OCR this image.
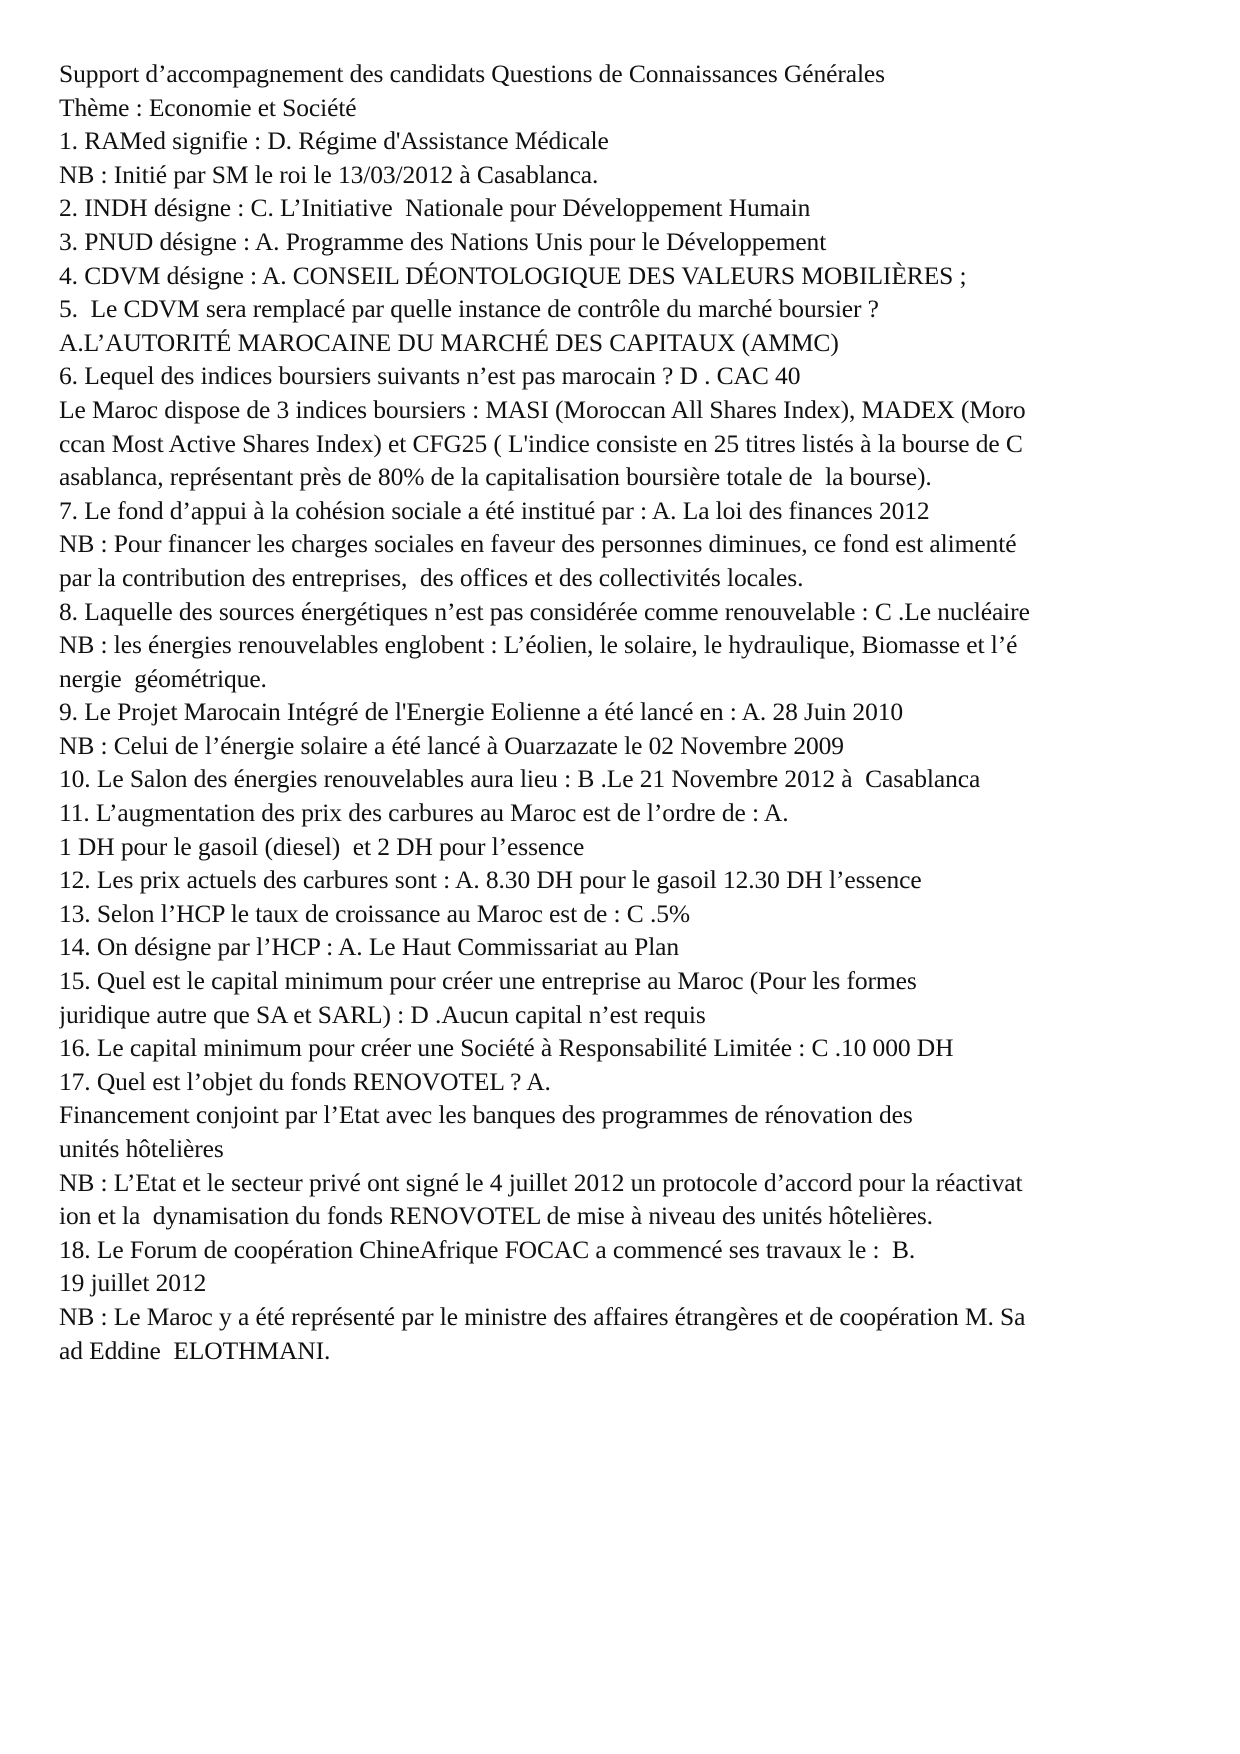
Support d’accompagnement des candidats Questions de Connaissances Générales
Thème : Economie et Société
1. RAMed signifie : D. Régime d'Assistance Médicale
NB : Initié par SM le roi le 13/03/2012 à Casablanca.
2. INDH désigne : C. L’Initiative  Nationale pour Développement Humain
3. PNUD désigne : A. Programme des Nations Unis pour le Développement
4. CDVM désigne : A. CONSEIL DÉONTOLOGIQUE DES VALEURS MOBILIÈRES ;
5.  Le CDVM sera remplacé par quelle instance de contrôle du marché boursier ?
A.L’AUTORITÉ MAROCAINE DU MARCHÉ DES CAPITAUX (AMMC)
6. Lequel des indices boursiers suivants n’est pas marocain ? D . CAC 40
Le Maroc dispose de 3 indices boursiers : MASI (Moroccan All Shares Index), MADEX (Moro
ccan Most Active Shares Index) et CFG25 ( L'indice consiste en 25 titres listés à la bourse de C
asablanca, représentant près de 80% de la capitalisation boursière totale de  la bourse).
7. Le fond d’appui à la cohésion sociale a été institué par : A. La loi des finances 2012
NB : Pour financer les charges sociales en faveur des personnes diminues, ce fond est alimenté
par la contribution des entreprises,  des offices et des collectivités locales.
8. Laquelle des sources énergétiques n’est pas considérée comme renouvelable : C .Le nucléaire
NB : les énergies renouvelables englobent : L’éolien, le solaire, le hydraulique, Biomasse et l’é
nergie  géométrique.
9. Le Projet Marocain Intégré de l'Energie Eolienne a été lancé en : A. 28 Juin 2010
NB : Celui de l’énergie solaire a été lancé à Ouarzazate le 02 Novembre 2009
10. Le Salon des énergies renouvelables aura lieu : B .Le 21 Novembre 2012 à  Casablanca
11. L’augmentation des prix des carbures au Maroc est de l’ordre de : A.
1 DH pour le gasoil (diesel)  et 2 DH pour l’essence
12. Les prix actuels des carbures sont : A. 8.30 DH pour le gasoil 12.30 DH l’essence
13. Selon l’HCP le taux de croissance au Maroc est de : C .5%
14. On désigne par l’HCP : A. Le Haut Commissariat au Plan
15. Quel est le capital minimum pour créer une entreprise au Maroc (Pour les formes
juridique autre que SA et SARL) : D .Aucun capital n’est requis
16. Le capital minimum pour créer une Société à Responsabilité Limitée : C .10 000 DH
17. Quel est l’objet du fonds RENOVOTEL ? A.
Financement conjoint par l’Etat avec les banques des programmes de rénovation des
unités hôtelières
NB : L’Etat et le secteur privé ont signé le 4 juillet 2012 un protocole d’accord pour la réactivat
ion et la  dynamisation du fonds RENOVOTEL de mise à niveau des unités hôtelières.
18. Le Forum de coopération ChineAfrique FOCAC a commencé ses travaux le :  B.
19 juillet 2012
NB : Le Maroc y a été représenté par le ministre des affaires étrangères et de coopération M. Sa
ad Eddine  ELOTHMANI.
